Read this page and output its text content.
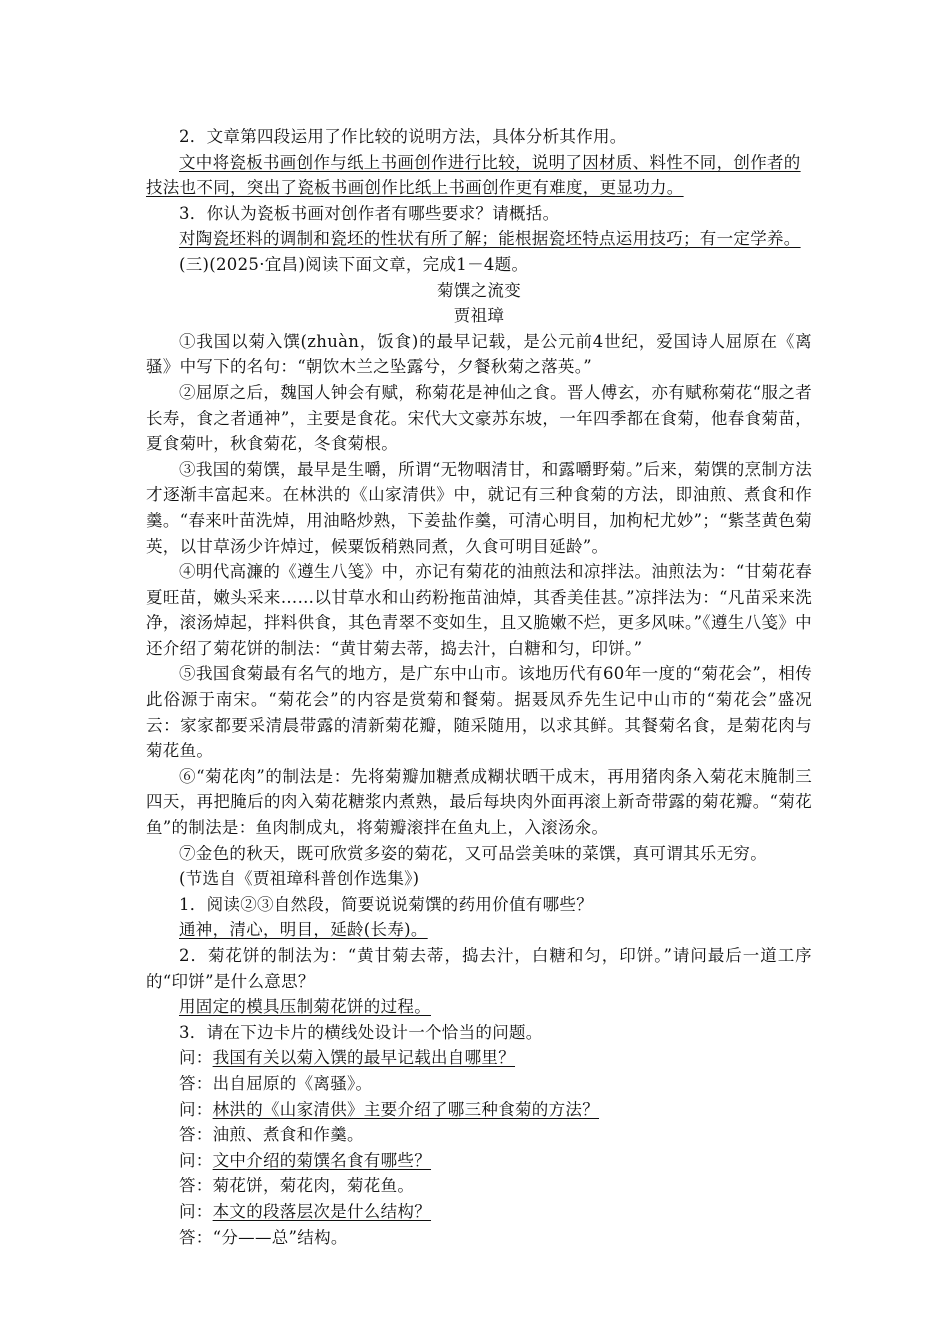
2．文章第四段运用了作比较的说明方法，具体分析其作用。

文中将瓷板书画创作与纸上书画创作进行比较，说明了因材质、料性不同，创作者的技法也不同，突出了瓷板书画创作比纸上书画创作更有难度，更显功力。

3．你认为瓷板书画对创作者有哪些要求？请概括。

对陶瓷坯料的调制和瓷坯的性状有所了解；能根据瓷坯特点运用技巧；有一定学养。

(三)(2025·宜昌)阅读下面文章，完成1－4题。

菊馔之流变

贾祖璋

①我国以菊入馔(zhuàn，饭食)的最早记载，是公元前4世纪，爱国诗人屈原在《离骚》中写下的名句：“朝饮木兰之坠露兮，夕餐秋菊之落英。”

②屈原之后，魏国人钟会有赋，称菊花是神仙之食。晋人傅玄，亦有赋称菊花“服之者长寿，食之者通神”，主要是食花。宋代大文豪苏东坡，一年四季都在食菊，他春食菊苗，夏食菊叶，秋食菊花，冬食菊根。

③我国的菊馔，最早是生嚼，所谓“无物咽清甘，和露嚼野菊。”后来，菊馔的烹制方法才逐渐丰富起来。在林洪的《山家清供》中，就记有三种食菊的方法，即油煎、煮食和作羹。“春来叶苗洗焯，用油略炒熟，下姜盐作羹，可清心明目，加枸杞尤妙”；“紫茎黄色菊英，以甘草汤少许焯过，候粟饭稍熟同煮，久食可明目延龄”。

④明代高濂的《遵生八笺》中，亦记有菊花的油煎法和凉拌法。油煎法为：“甘菊花春夏旺苗，嫩头采来……以甘草水和山药粉拖苗油焯，其香美佳甚。”凉拌法为：“凡苗采来洗净，滚汤焯起，拌料供食，其色青翠不变如生，且又脆嫩不烂，更多风味。”《遵生八笺》中还介绍了菊花饼的制法：“黄甘菊去蒂，捣去汁，白糖和匀，印饼。”

⑤我国食菊最有名气的地方，是广东中山市。该地历代有60年一度的“菊花会”，相传此俗源于南宋。“菊花会”的内容是赏菊和餐菊。据聂凤乔先生记中山市的“菊花会”盛况云：家家都要采清晨带露的清新菊花瓣，随采随用，以求其鲜。其餐菊名食，是菊花肉与菊花鱼。

⑥“菊花肉”的制法是：先将菊瓣加糖煮成糊状晒干成末，再用猪肉条入菊花末腌制三四天，再把腌后的肉入菊花糖浆内煮熟，最后每块肉外面再滚上新奇带露的菊花瓣。“菊花鱼”的制法是：鱼肉制成丸，将菊瓣滚拌在鱼丸上，入滚汤氽。

⑦金色的秋天，既可欣赏多姿的菊花，又可品尝美味的菜馔，真可谓其乐无穷。

(节选自《贾祖璋科普创作选集》)

1．阅读②③自然段，简要说说菊馔的药用价值有哪些？

通神，清心，明目，延龄(长寿)。

2．菊花饼的制法为：“黄甘菊去蒂，捣去汁，白糖和匀，印饼。”请问最后一道工序的“印饼”是什么意思？

用固定的模具压制菊花饼的过程。

3．请在下边卡片的横线处设计一个恰当的问题。

问：我国有关以菊入馔的最早记载出自哪里？

答：出自屈原的《离骚》。

问：林洪的《山家清供》主要介绍了哪三种食菊的方法？

答：油煎、煮食和作羹。

问：文中介绍的菊馔名食有哪些？

答：菊花饼，菊花肉，菊花鱼。

问：本文的段落层次是什么结构？

答：“分——总”结构。
